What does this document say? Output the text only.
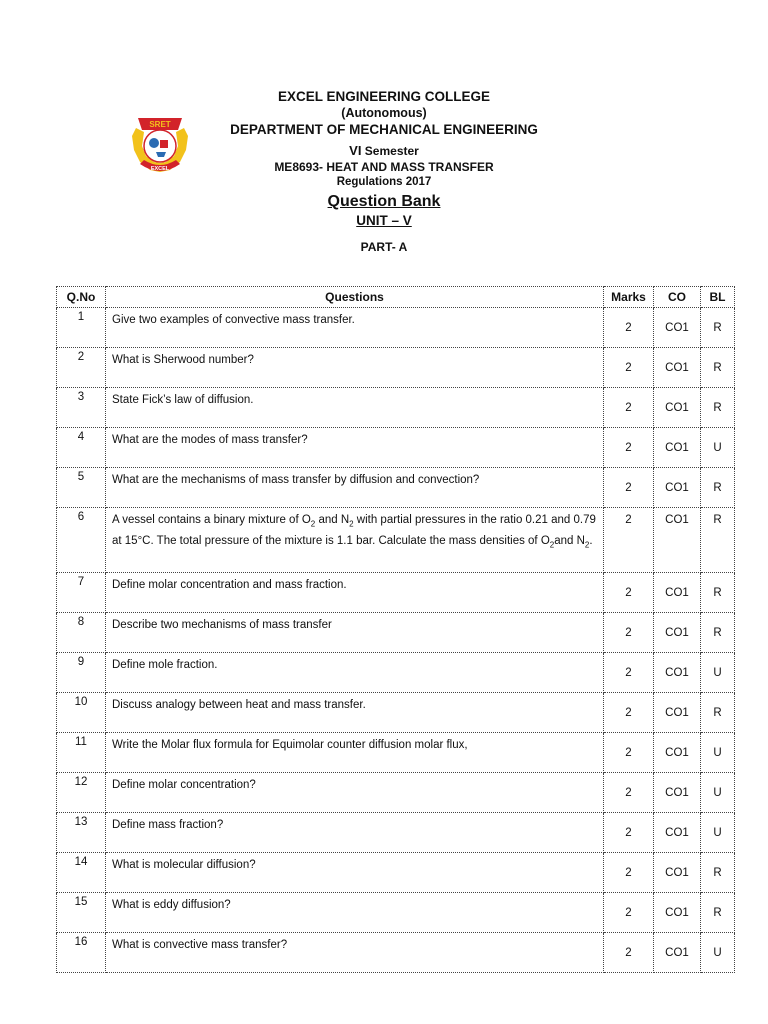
SRET
EXCEL
EXCEL ENGINEERING COLLEGE
(Autonomous)
DEPARTMENT OF MECHANICAL ENGINEERING
VI Semester
ME8693- HEAT AND MASS TRANSFER
Regulations 2017
Question Bank
UNIT – V
PART- A
Q.No	Questions	Marks	CO	BL
1	Give two examples of convective mass transfer.	2	CO1	R
2	What is Sherwood number?	2	CO1	R
3	State Fick’s law of diffusion.	2	CO1	R
4	What are the modes of mass transfer?	2	CO1	U
5	What are the mechanisms of mass transfer by diffusion and convection?	2	CO1	R
6	A vessel contains a binary mixture of $O_2$ and $N_2$ with partial pressures in the ratio 0.21 and 0.79 at 15°C. The total pressure of the mixture is 1.1 bar. Calculate the mass densities of $O_2and$ $N_2$.	2	CO1	R
7	Define molar concentration and mass fraction.	2	CO1	R
8	Describe two mechanisms of mass transfer	2	CO1	R
9	Define mole fraction.	2	CO1	U
10	Discuss analogy between heat and mass transfer.	2	CO1	R
11	Write the Molar flux formula for Equimolar counter diffusion molar flux,	2	CO1	U
12	Define molar concentration?	2	CO1	U
13	Define mass fraction?	2	CO1	U
14	What is molecular diffusion?	2	CO1	R
15	What is eddy diffusion?	2	CO1	R
16	What is convective mass transfer?	2	CO1	U
